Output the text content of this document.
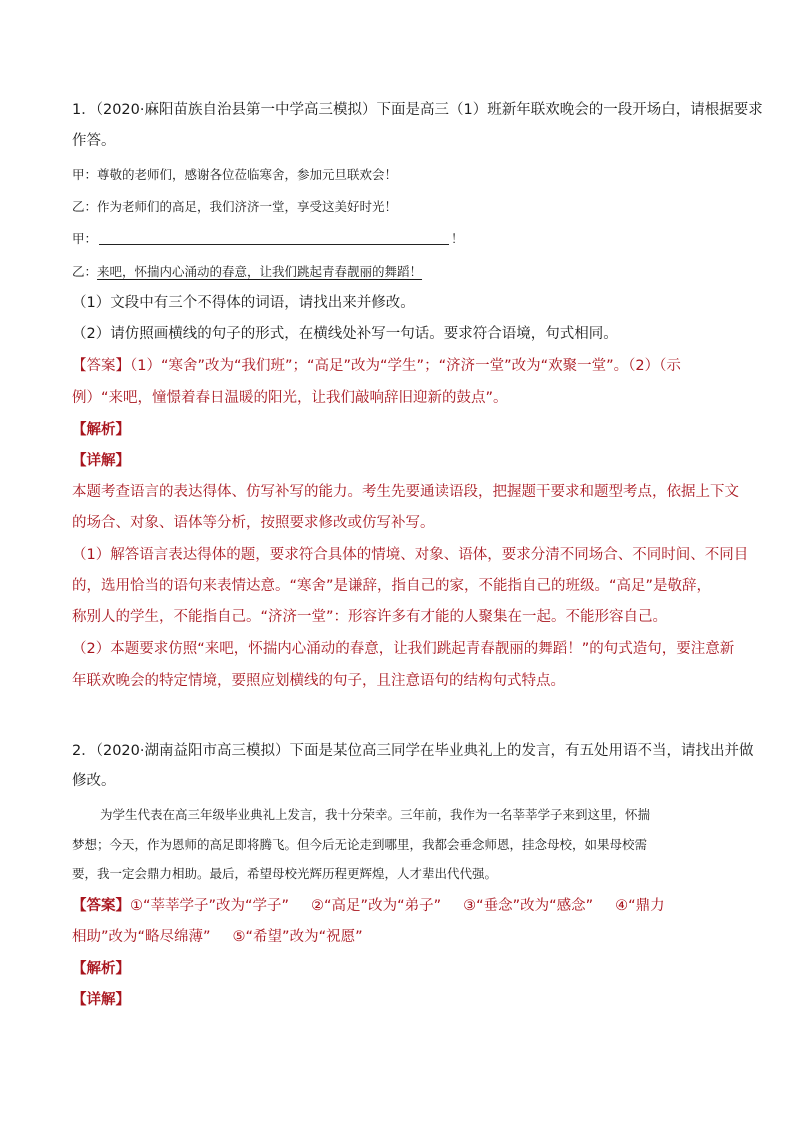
1．（2020·麻阳苗族自治县第一中学高三模拟）下面是高三（1）班新年联欢晚会的一段开场白，请根据要求
作答。
甲：尊敬的老师们，感谢各位莅临寒舍，参加元旦联欢会！
乙：作为老师们的高足，我们济济一堂，享受这美好时光！
甲：	！
乙：来吧，怀揣内心涌动的春意，让我们跳起青春靓丽的舞蹈！
（1）文段中有三个不得体的词语，请找出来并修改。
（2）请仿照画横线的句子的形式，在横线处补写一句话。要求符合语境，句式相同。
【答案】（1）“寒舍”改为“我们班”；“高足”改为“学生”；“济济一堂”改为“欢聚一堂”。（2）（示
例）“来吧，憧憬着春日温暖的阳光，让我们敲响辞旧迎新的鼓点”。
【解析】
【详解】
本题考查语言的表达得体、仿写补写的能力。考生先要通读语段，把握题干要求和题型考点，依据上下文
的场合、对象、语体等分析，按照要求修改或仿写补写。
（1）解答语言表达得体的题，要求符合具体的情境、对象、语体，要求分清不同场合、不同时间、不同目
的，选用恰当的语句来表情达意。“寒舍”是谦辞，指自己的家，不能指自己的班级。“高足”是敬辞，
称别人的学生，不能指自己。“济济一堂”：形容许多有才能的人聚集在一起。不能形容自己。
（2）本题要求仿照“来吧，怀揣内心涌动的春意，让我们跳起青春靓丽的舞蹈！”的句式造句，要注意新
年联欢晚会的特定情境，要照应划横线的句子，且注意语句的结构句式特点。
2．（2020·湖南益阳市高三模拟）下面是某位高三同学在毕业典礼上的发言，有五处用语不当，请找出并做
修改。
为学生代表在高三年级毕业典礼上发言，我十分荣幸。三年前，我作为一名莘莘学子来到这里，怀揣
梦想；今天，作为恩师的高足即将腾飞。但今后无论走到哪里，我都会垂念师恩，挂念母校，如果母校需
要，我一定会鼎力相助。最后，希望母校光辉历程更辉煌，人才辈出代代强。
【答案】①“莘莘学子”改为“学子” ②“高足”改为“弟子” ③“垂念”改为“感念” ④“鼎力
相助”改为“略尽绵薄” ⑤“希望”改为“祝愿”
【解析】
【详解】
